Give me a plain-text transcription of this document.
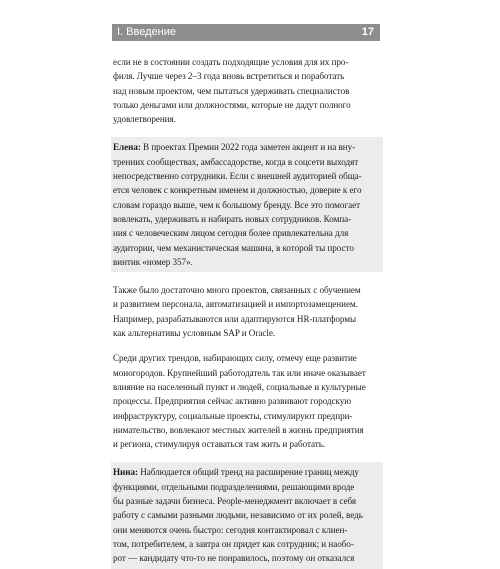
I. Введение	17

если не в состоянии создать подходящие условия для их про-
филя. Лучше через 2–3 года вновь встретиться и поработать
над новым проектом, чем пытаться удерживать специалистов
только деньгами или должностями, которые не дадут полного
удовлетворения.

Елена: В проектах Премии 2022 года заметен акцент и на вну-
тренних сообществах, амбассадорстве, когда в соцсети выходят
непосредственно сотрудники. Если с внешней аудиторией обща-
ется человек с конкретным именем и должностью, доверие к его
словам гораздо выше, чем к большому бренду. Все это помогает
вовлекать, удерживать и набирать новых сотрудников. Компа-
ния с человеческим лицом сегодня более привлекательна для
аудитории, чем механистическая машина, в которой ты просто
винтик «номер 357».

Также было достаточно много проектов, связанных с обучением
и развитием персонала, автоматизацией и импортозамещением.
Например, разрабатываются или адаптируются HR-платформы
как альтернативы условным SAP и Oracle.

Среди других трендов, набирающих силу, отмечу еще развитие
моногородов. Крупнейший работодатель так или иначе оказывает
влияние на населенный пункт и людей, социальные и культурные
процессы. Предприятия сейчас активно развивают городскую
инфраструктуру, социальные проекты, стимулируют предпри-
нимательство, вовлекают местных жителей в жизнь предприятия
и региона, стимулируя оставаться там жить и работать.

Нина: Наблюдается общий тренд на расширение границ между
функциями, отдельными подразделениями, решающими вроде
бы разные задачи бизнеса. People-менеджмент включает в себя
работу с самыми разными людьми, независимо от их ролей, ведь
они меняются очень быстро: сегодня контактировал с клиен-
том, потребителем, а завтра он придет как сотрудник; и наобо-
рот — кандидату что-то не понравилось, поэтому он отказался
